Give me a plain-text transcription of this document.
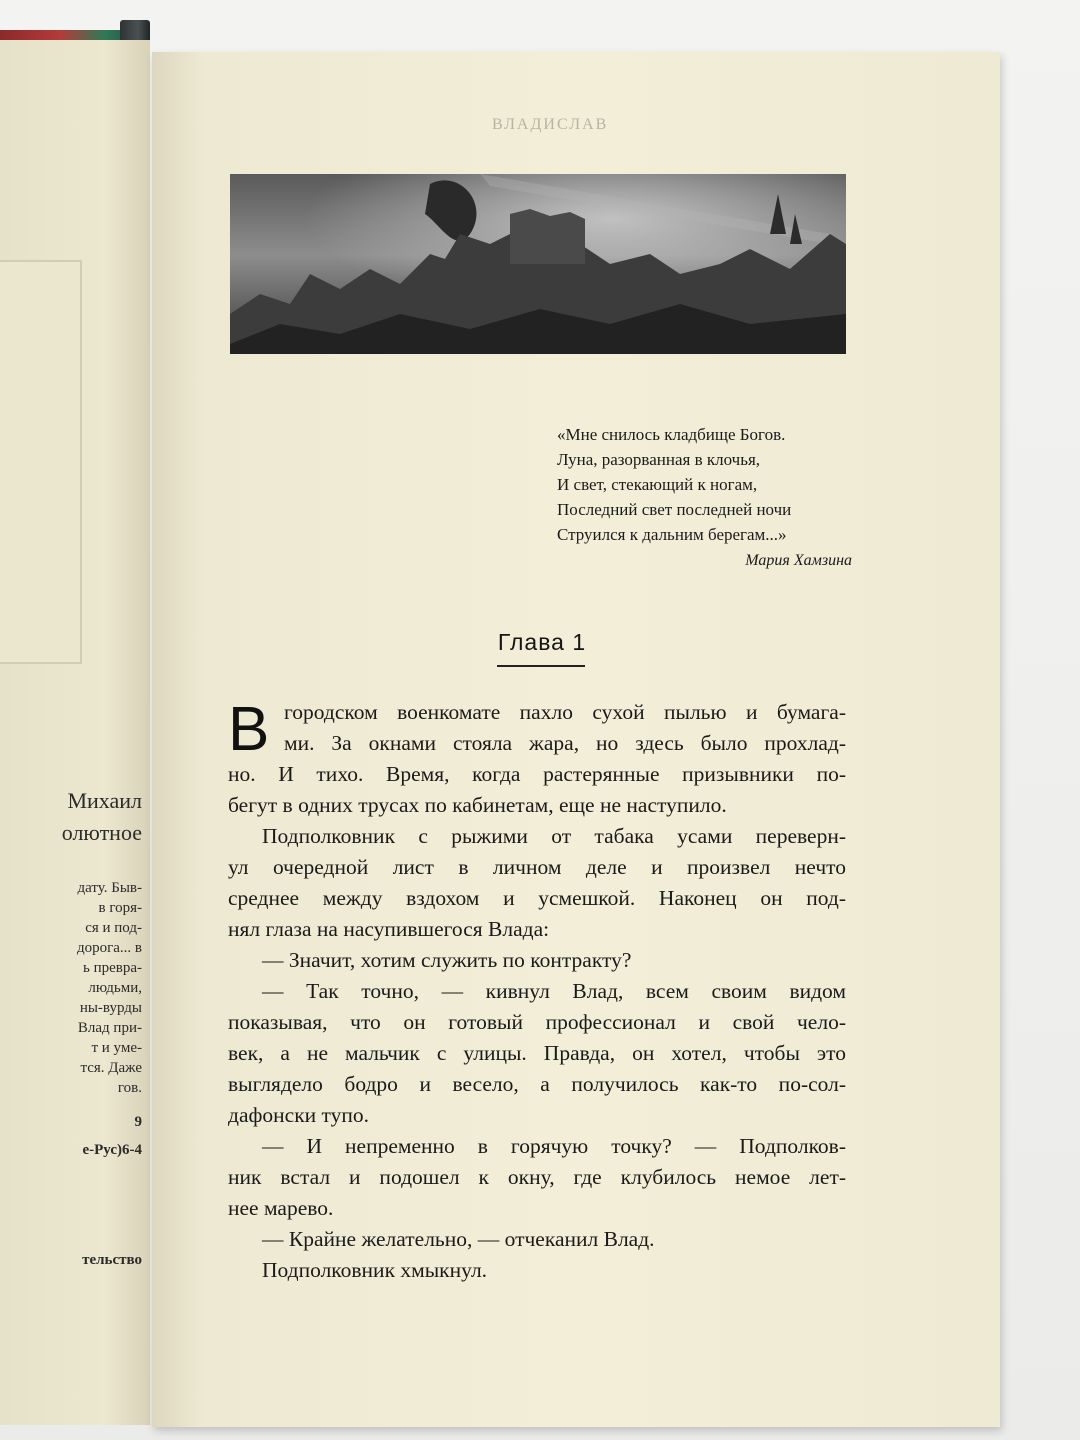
Михаил
олютное
дату. Быв-
в горя-
ся и под-
дорога... в
ь превра-
людьми,
ны-вурды
Влад при-
т и уме-
тся. Даже
гов.
9
е-Рус)6-4
тельство
ВЛАДИСЛАВ
«Мне снилось кладбище Богов.
Луна, разорванная в клочья,
И свет, стекающий к ногам,
Последний свет последней ночи
Струился к дальним берегам...»
Мария Хамзина
Глава 1
В городском военкомате пахло сухой пылью и бумага-
ми. За окнами стояла жара, но здесь было прохлад-
но. И тихо. Время, когда растерянные призывники по-
бегут в одних трусах по кабинетам, еще не наступило.
Подполковник с рыжими от табака усами переверн-
ул очередной лист в личном деле и произвел нечто
среднее между вздохом и усмешкой. Наконец он под-
нял глаза на насупившегося Влада:
— Значит, хотим служить по контракту?
— Так точно, — кивнул Влад, всем своим видом
показывая, что он готовый профессионал и свой чело-
век, а не мальчик с улицы. Правда, он хотел, чтобы это
выглядело бодро и весело, а получилось как-то по-сол-
дафонски тупо.
— И непременно в горячую точку? — Подполков-
ник встал и подошел к окну, где клубилось немое лет-
нее марево.
— Крайне желательно, — отчеканил Влад.
Подполковник хмыкнул.
